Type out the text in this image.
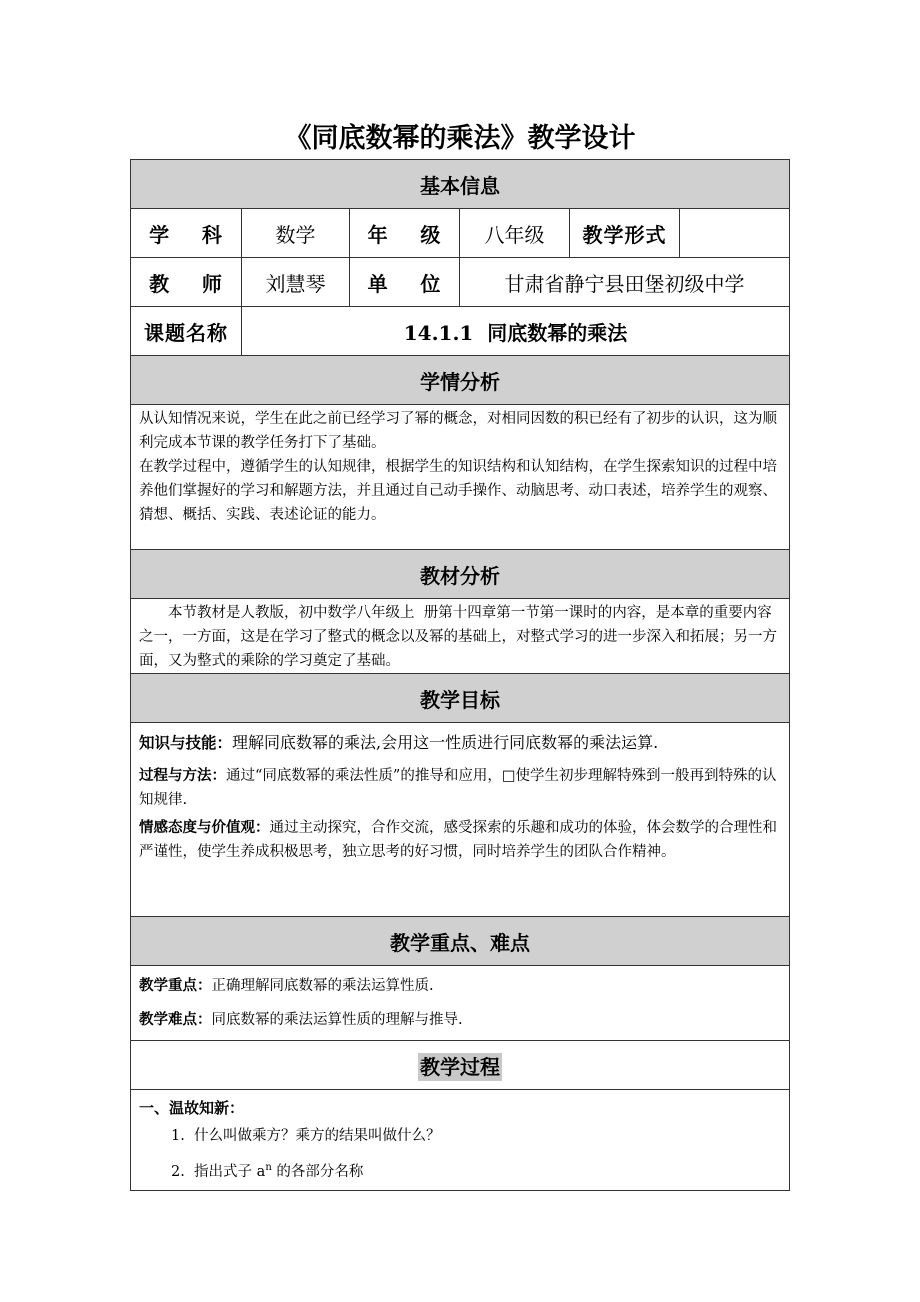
《同底数幂的乘法》教学设计
基本信息					
学    科	数学	年    级	八年级	教学形式	
教    师	刘慧琴	单    位	甘肃省静宁县田堡初级中学		
课题名称	14.1.1  同底数幂的乘法				
学情分析					

从认知情况来说，学生在此之前已经学习了幂的概念，对相同因数的积已经有了初步的认识，这为顺利完成本节课的教学任务打下了基础。

在教学过程中，遵循学生的认知规律，根据学生的知识结构和认知结构，在学生探索知识的过程中培养他们掌握好的学习和解题方法，并且通过自己动手操作、动脑思考、动口表述，培养学生的观察、猜想、概括、实践、表述论证的能力。					

教材分析					

本节教材是人教版，初中数学八年级上  册第十四章第一节第一课时的内容，是本章的重要内容之一，一方面，这是在学习了整式的概念以及幂的基础上，对整式学习的进一步深入和拓展；另一方面，又为整式的乘除的学习奠定了基础。					

教学目标					

知识与技能：理解同底数幂的乘法,会用这一性质进行同底数幂的乘法运算.

过程与方法：通过“同底数幂的乘法性质”的推导和应用，□使学生初步理解特殊到一般再到特殊的认知规律.

情感态度与价值观：通过主动探究，合作交流，感受探索的乐趣和成功的体验，体会数学的合理性和严谨性，使学生养成积极思考，独立思考的好习惯，同时培养学生的团队合作精神。					

教学重点、难点					

教学重点：正确理解同底数幂的乘法运算性质.

教学难点：同底数幂的乘法运算性质的理解与推导.					

教学过程					

一、温故知新：

1.  什么叫做乘方？乘方的结果叫做什么？

2.  指出式子 $a^n$ 的各部分名称					
